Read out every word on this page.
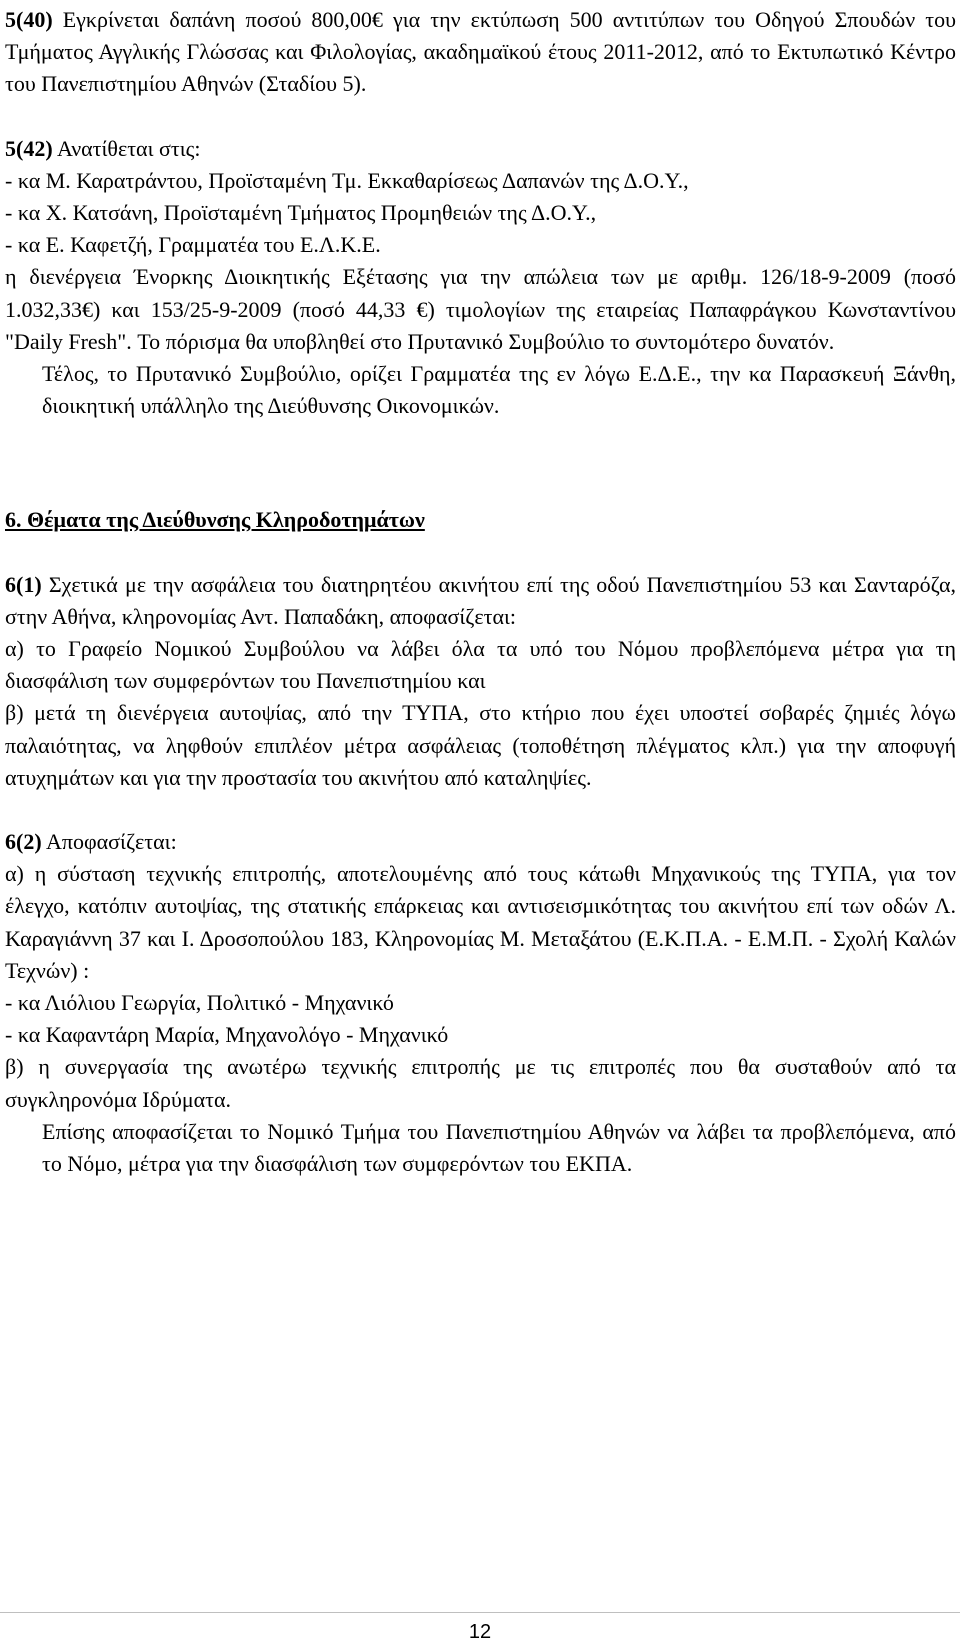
5(40) Εγκρίνεται δαπάνη ποσού 800,00€ για την εκτύπωση 500 αντιτύπων του Οδηγού Σπουδών του Τμήματος Αγγλικής Γλώσσας και Φιλολογίας, ακαδημαϊκού έτους 2011-2012, από το Εκτυπωτικό Κέντρο του Πανεπιστημίου Αθηνών (Σταδίου 5).

5(42) Ανατίθεται στις:

- κα Μ. Καρατράντου, Προϊσταμένη Τμ. Εκκαθαρίσεως Δαπανών της Δ.Ο.Υ.,

- κα Χ. Κατσάνη, Προϊσταμένη Τμήματος Προμηθειών της Δ.Ο.Υ.,

- κα Ε. Καφετζή, Γραμματέα του Ε.Λ.Κ.Ε.

η διενέργεια Ένορκης Διοικητικής Εξέτασης για την απώλεια των με αριθμ. 126/18-9-2009 (ποσό 1.032,33€) και 153/25-9-2009 (ποσό 44,33 €) τιμολογίων της εταιρείας Παπαφράγκου Κωνσταντίνου "Daily Fresh". Το πόρισμα θα υποβληθεί στο Πρυτανικό Συμβούλιο το συντομότερο δυνατόν.

Τέλος, το Πρυτανικό Συμβούλιο, ορίζει Γραμματέα της εν λόγω Ε.Δ.Ε., την κα Παρασκευή Ξάνθη, διοικητική υπάλληλο της Διεύθυνσης Οικονομικών.

6. Θέματα της Διεύθυνσης Κληροδοτημάτων

6(1) Σχετικά με την ασφάλεια του διατηρητέου ακινήτου επί της οδού Πανεπιστημίου 53 και Σανταρόζα, στην Αθήνα, κληρονομίας Αντ. Παπαδάκη, αποφασίζεται:

α) το Γραφείο Νομικού Συμβούλου να λάβει όλα τα υπό του Νόμου προβλεπόμενα μέτρα για τη διασφάλιση των συμφερόντων του Πανεπιστημίου και

β) μετά τη διενέργεια αυτοψίας, από την ΤΥΠΑ, στο κτήριο που έχει υποστεί σοβαρές ζημιές λόγω παλαιότητας, να ληφθούν επιπλέον μέτρα ασφάλειας (τοποθέτηση πλέγματος κλπ.) για την αποφυγή ατυχημάτων και για την προστασία του ακινήτου από καταληψίες.

6(2) Αποφασίζεται:

α) η σύσταση τεχνικής επιτροπής, αποτελουμένης από τους κάτωθι Μηχανικούς της ΤΥΠΑ, για τον έλεγχο, κατόπιν αυτοψίας, της στατικής επάρκειας και αντισεισμικότητας του ακινήτου επί των οδών Λ. Καραγιάννη 37 και Ι. Δροσοπούλου 183, Κληρονομίας Μ. Μεταξάτου (Ε.Κ.Π.Α. - Ε.Μ.Π. - Σχολή Καλών Τεχνών) :

- κα Λιόλιου Γεωργία, Πολιτικό - Μηχανικό

- κα Καφαντάρη Μαρία, Μηχανολόγο - Μηχανικό

β) η συνεργασία της ανωτέρω τεχνικής επιτροπής με τις επιτροπές που θα συσταθούν από τα συγκληρονόμα Ιδρύματα.

Επίσης αποφασίζεται το Νομικό Τμήμα του Πανεπιστημίου Αθηνών να λάβει τα προβλεπόμενα, από το Νόμο, μέτρα για την διασφάλιση των συμφερόντων του ΕΚΠΑ.

12
